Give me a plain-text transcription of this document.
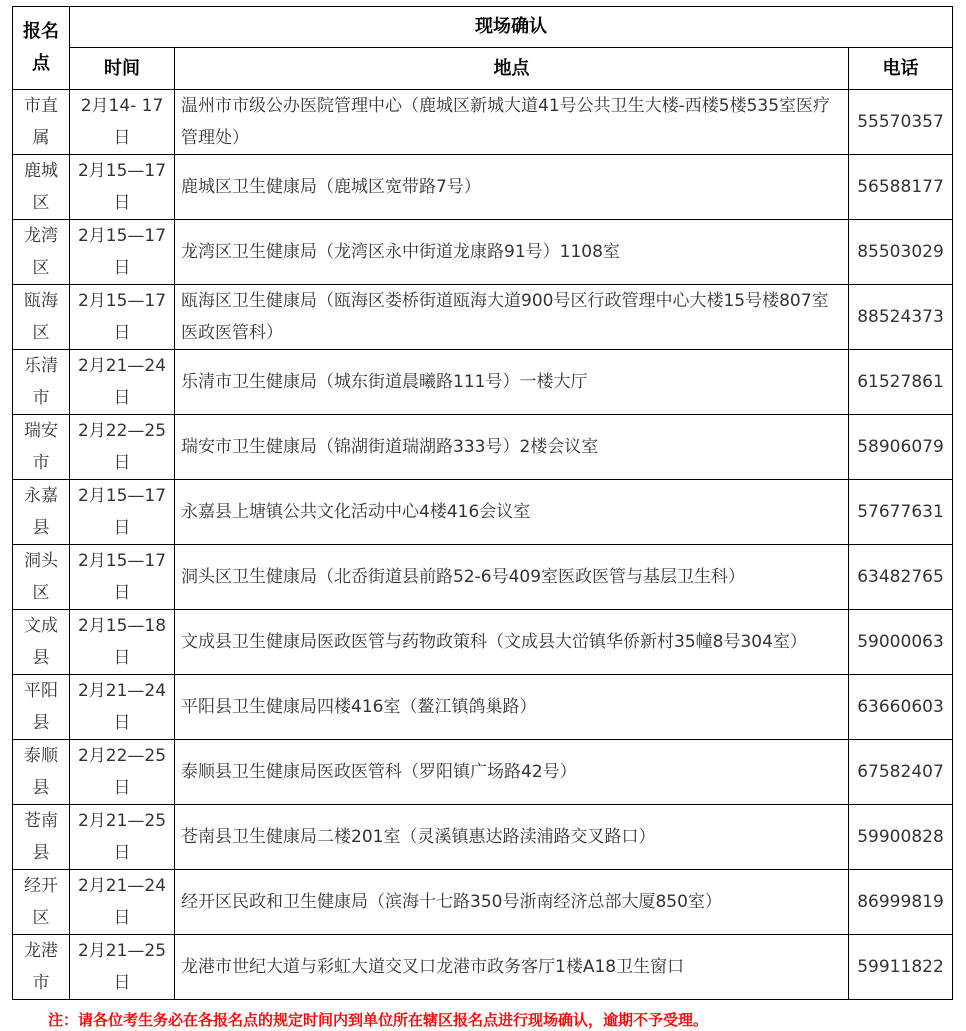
报名点	现场确认		
	时间	地点	电话
市直属	2月14- 17日	温州市市级公办医院管理中心（鹿城区新城大道41号公共卫生大楼-西楼5楼535室医疗管理处）	55570357
鹿城区	2月15—17日	鹿城区卫生健康局（鹿城区宽带路7号）	56588177
龙湾区	2月15—17日	龙湾区卫生健康局（龙湾区永中街道龙康路91号）1108室	85503029
瓯海区	2月15—17日	瓯海区卫生健康局（瓯海区娄桥街道瓯海大道900号区行政管理中心大楼15号楼807室医政医管科）	88524373
乐清市	2月21—24日	乐清市卫生健康局（城东街道晨曦路111号）一楼大厅	61527861
瑞安市	2月22—25日	瑞安市卫生健康局（锦湖街道瑞湖路333号）2楼会议室	58906079
永嘉县	2月15—17日	永嘉县上塘镇公共文化活动中心4楼416会议室	57677631
洞头区	2月15—17日	洞头区卫生健康局（北岙街道县前路52-6号409室医政医管与基层卫生科）	63482765
文成县	2月15—18日	文成县卫生健康局医政医管与药物政策科（文成县大峃镇华侨新村35幢8号304室）	59000063
平阳县	2月21—24日	平阳县卫生健康局四楼416室（鳌江镇鸽巢路）	63660603
泰顺县	2月22—25日	泰顺县卫生健康局医政医管科（罗阳镇广场路42号）	67582407
苍南县	2月21—25日	苍南县卫生健康局二楼201室（灵溪镇惠达路渎浦路交叉路口）	59900828
经开区	2月21—24日	经开区民政和卫生健康局（滨海十七路350号浙南经济总部大厦850室）	86999819
龙港市	2月21—25日	龙港市世纪大道与彩虹大道交叉口龙港市政务客厅1楼A18卫生窗口	59911822
注：请各位考生务必在各报名点的规定时间内到单位所在辖区报名点进行现场确认，逾期不予受理。
